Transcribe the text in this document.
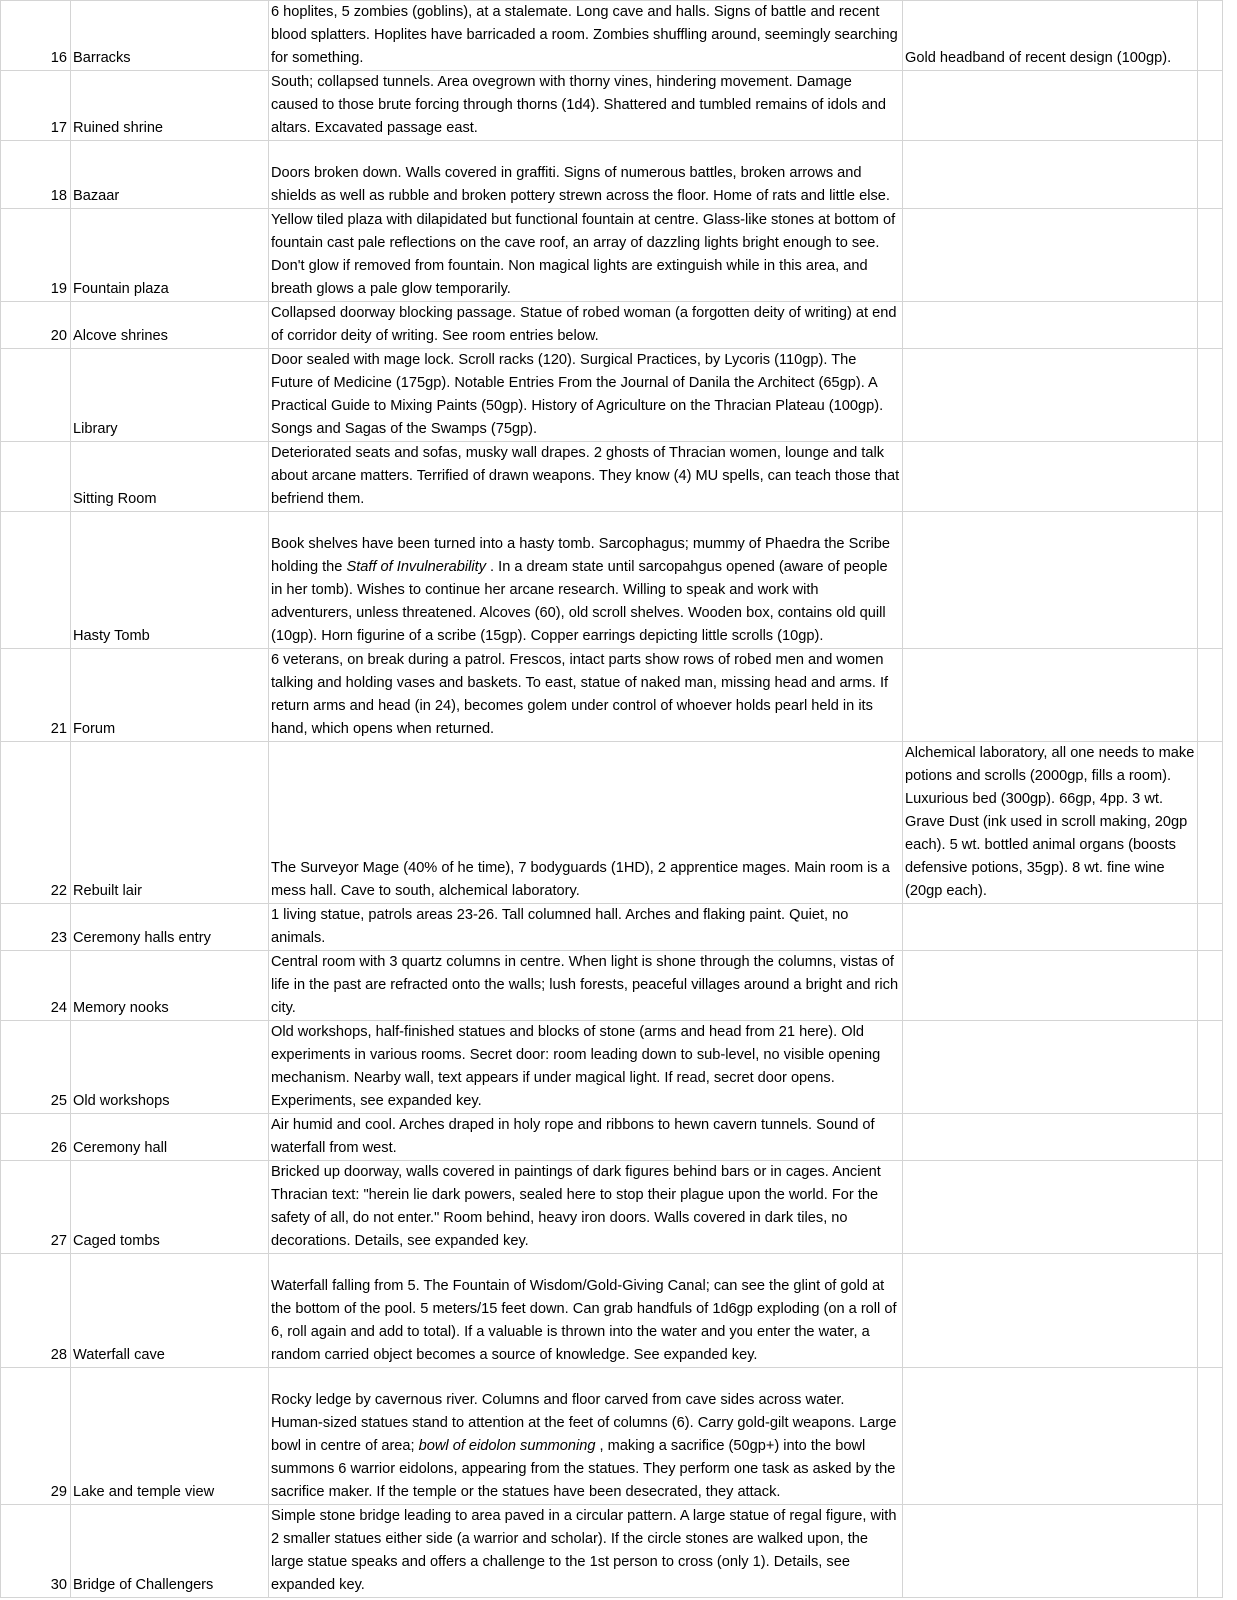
16	Barracks	6 hoplites, 5 zombies (goblins), at a stalemate. Long cave and halls. Signs of battle and recent blood splatters. Hoplites have barricaded a room. Zombies shuffling around, seemingly searching for something.	Gold headband of recent design (100gp).	
17	Ruined shrine	South; collapsed tunnels. Area ovegrown with thorny vines, hindering movement. Damage caused to those brute forcing through thorns (1d4). Shattered and tumbled remains of idols and altars. Excavated passage east.		
18	Bazaar	Doors broken down. Walls covered in graffiti. Signs of numerous battles, broken arrows and shields as well as rubble and broken pottery strewn across the floor. Home of rats and little else.		
19	Fountain plaza	Yellow tiled plaza with dilapidated but functional fountain at centre. Glass-like stones at bottom of fountain cast pale reflections on the cave roof, an array of dazzling lights bright enough to see. Don't glow if removed from fountain. Non magical lights are extinguish while in this area, and breath glows a pale glow temporarily.		
20	Alcove shrines	Collapsed doorway blocking passage. Statue of robed woman (a forgotten deity of writing) at end of corridor deity of writing. See room entries below.		
	Library	Door sealed with mage lock. Scroll racks (120). Surgical Practices, by Lycoris (110gp). The Future of Medicine (175gp). Notable Entries From the Journal of Danila the Architect (65gp). A Practical Guide to Mixing Paints (50gp). History of Agriculture on the Thracian Plateau (100gp). Songs and Sagas of the Swamps (75gp).		
	Sitting Room	Deteriorated seats and sofas, musky wall drapes. 2 ghosts of Thracian women, lounge and talk about arcane matters. Terrified of drawn weapons. They know (4) MU spells, can teach those that befriend them.		
	Hasty Tomb	Book shelves have been turned into a hasty tomb. Sarcophagus; mummy of Phaedra the Scribe holding the Staff of Invulnerability . In a dream state until sarcopahgus opened (aware of people in her tomb). Wishes to continue her arcane research. Willing to speak and work with adventurers, unless threatened. Alcoves (60), old scroll shelves. Wooden box, contains old quill (10gp). Horn figurine of a scribe (15gp). Copper earrings depicting little scrolls (10gp).		
21	Forum	6 veterans, on break during a patrol. Frescos, intact parts show rows of robed men and women talking and holding vases and baskets. To east, statue of naked man, missing head and arms. If return arms and head (in 24), becomes golem under control of whoever holds pearl held in its hand, which opens when returned.		
22	Rebuilt lair	The Surveyor Mage (40% of he time), 7 bodyguards (1HD), 2 apprentice mages. Main room is a mess hall. Cave to south, alchemical laboratory.	Alchemical laboratory, all one needs to make potions and scrolls (2000gp, fills a room). Luxurious bed (300gp). 66gp, 4pp. 3 wt. Grave Dust (ink used in scroll making, 20gp each). 5 wt. bottled animal organs (boosts defensive potions, 35gp). 8 wt. fine wine (20gp each).	
23	Ceremony halls entry	1 living statue, patrols areas 23-26. Tall columned hall. Arches and flaking paint. Quiet, no animals.		
24	Memory nooks	Central room with 3 quartz columns in centre. When light is shone through the columns, vistas of life in the past are refracted onto the walls; lush forests, peaceful villages around a bright and rich city.		
25	Old workshops	Old workshops, half-finished statues and blocks of stone (arms and head from 21 here). Old experiments in various rooms. Secret door: room leading down to sub-level, no visible opening mechanism. Nearby wall, text appears if under magical light. If read, secret door opens. Experiments, see expanded key.		
26	Ceremony hall	Air humid and cool. Arches draped in holy rope and ribbons to hewn cavern tunnels. Sound of waterfall from west.		
27	Caged tombs	Bricked up doorway, walls covered in paintings of dark figures behind bars or in cages. Ancient Thracian text: "herein lie dark powers, sealed here to stop their plague upon the world. For the safety of all, do not enter." Room behind, heavy iron doors. Walls covered in dark tiles, no decorations. Details, see expanded key.		
28	Waterfall cave	Waterfall falling from 5. The Fountain of Wisdom/Gold-Giving Canal; can see the glint of gold at the bottom of the pool. 5 meters/15 feet down. Can grab handfuls of 1d6gp exploding (on a roll of 6, roll again and add to total). If a valuable is thrown into the water and you enter the water, a random carried object becomes a source of knowledge. See expanded key.		
29	Lake and temple view	Rocky ledge by cavernous river. Columns and floor carved from cave sides across water. Human-sized statues stand to attention at the feet of columns (6). Carry gold-gilt weapons. Large bowl in centre of area; bowl of eidolon summoning , making a sacrifice (50gp+) into the bowl summons 6 warrior eidolons, appearing from the statues. They perform one task as asked by the sacrifice maker. If the temple or the statues have been desecrated, they attack.		
30	Bridge of Challengers	Simple stone bridge leading to area paved in a circular pattern. A large statue of regal figure, with 2 smaller statues either side (a warrior and scholar). If the circle stones are walked upon, the large statue speaks and offers a challenge to the 1st person to cross (only 1). Details, see expanded key.		
